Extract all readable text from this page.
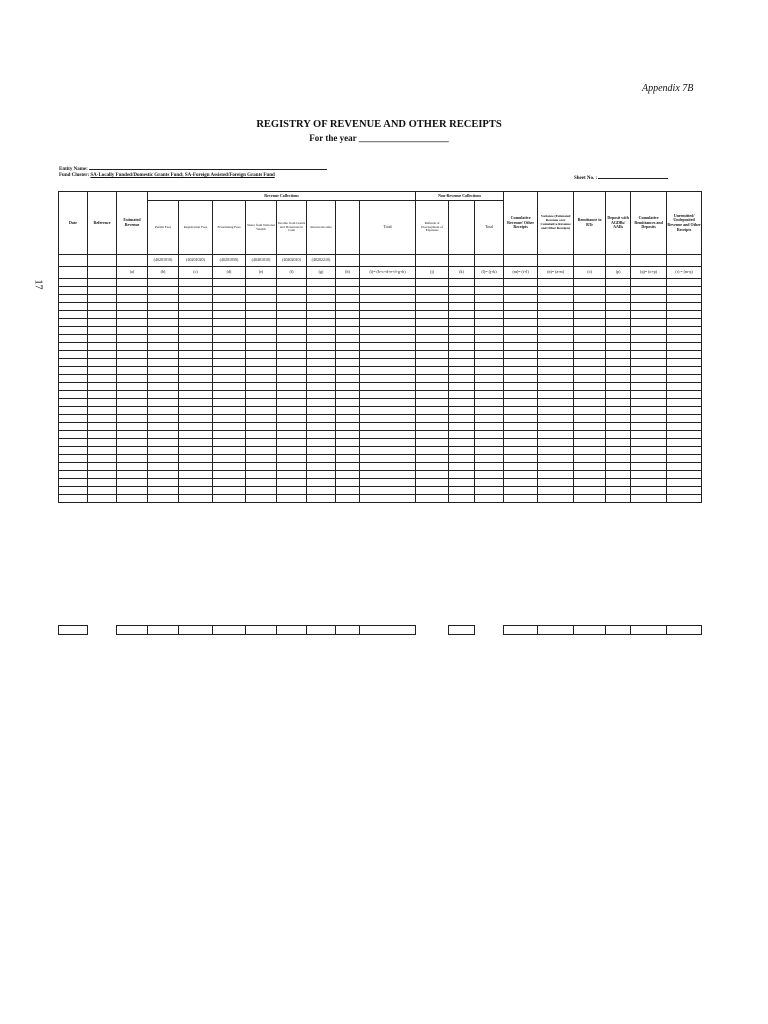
Appendix 7B
REGISTRY OF REVENUE AND OTHER RECEIPTS
For the year ____________________
17
Entity Name:
Fund Cluster: SA-Locally Funded/Domestic Grants Fund; SA-Foreign Assisted/Foreign Grants Fund
Sheet No. :
Date	Reference	Estimated Revenue	Revenue Collections								Non-Revenue Collections			Cumulative Revenue/ Other Receipts	Variance (Estimated Revenue over Cumulative Revenue and Other Receipts)	Remittance to BTr	Deposit with AGDBs/ AAIls	Cumulative Remittances and Deposits	Unremitted/ Undeposited Revenue and Other Receipts
			Permit Fees	Registration Fees	Franchising Fees	Share from National Wealth	Income from Grants and Donations in Cash	Interest Income		Total	Refunds of Overpayment of Expenses		Total						
			(40201010)	(40201020)	(40201050)	(40401010)	(40402010)	(40202210)											
		(a)	(b)	(c)	(d)	(e)	(f)	(g)	(h)	(i)= (b+c+d+e+f+g+h)	(j)	(k)	(l)= (j+k)	(m)= (i+l)	(n)= (a-m)	(o)	(p)	(q)= (o+p)	(r) = (m-q)
